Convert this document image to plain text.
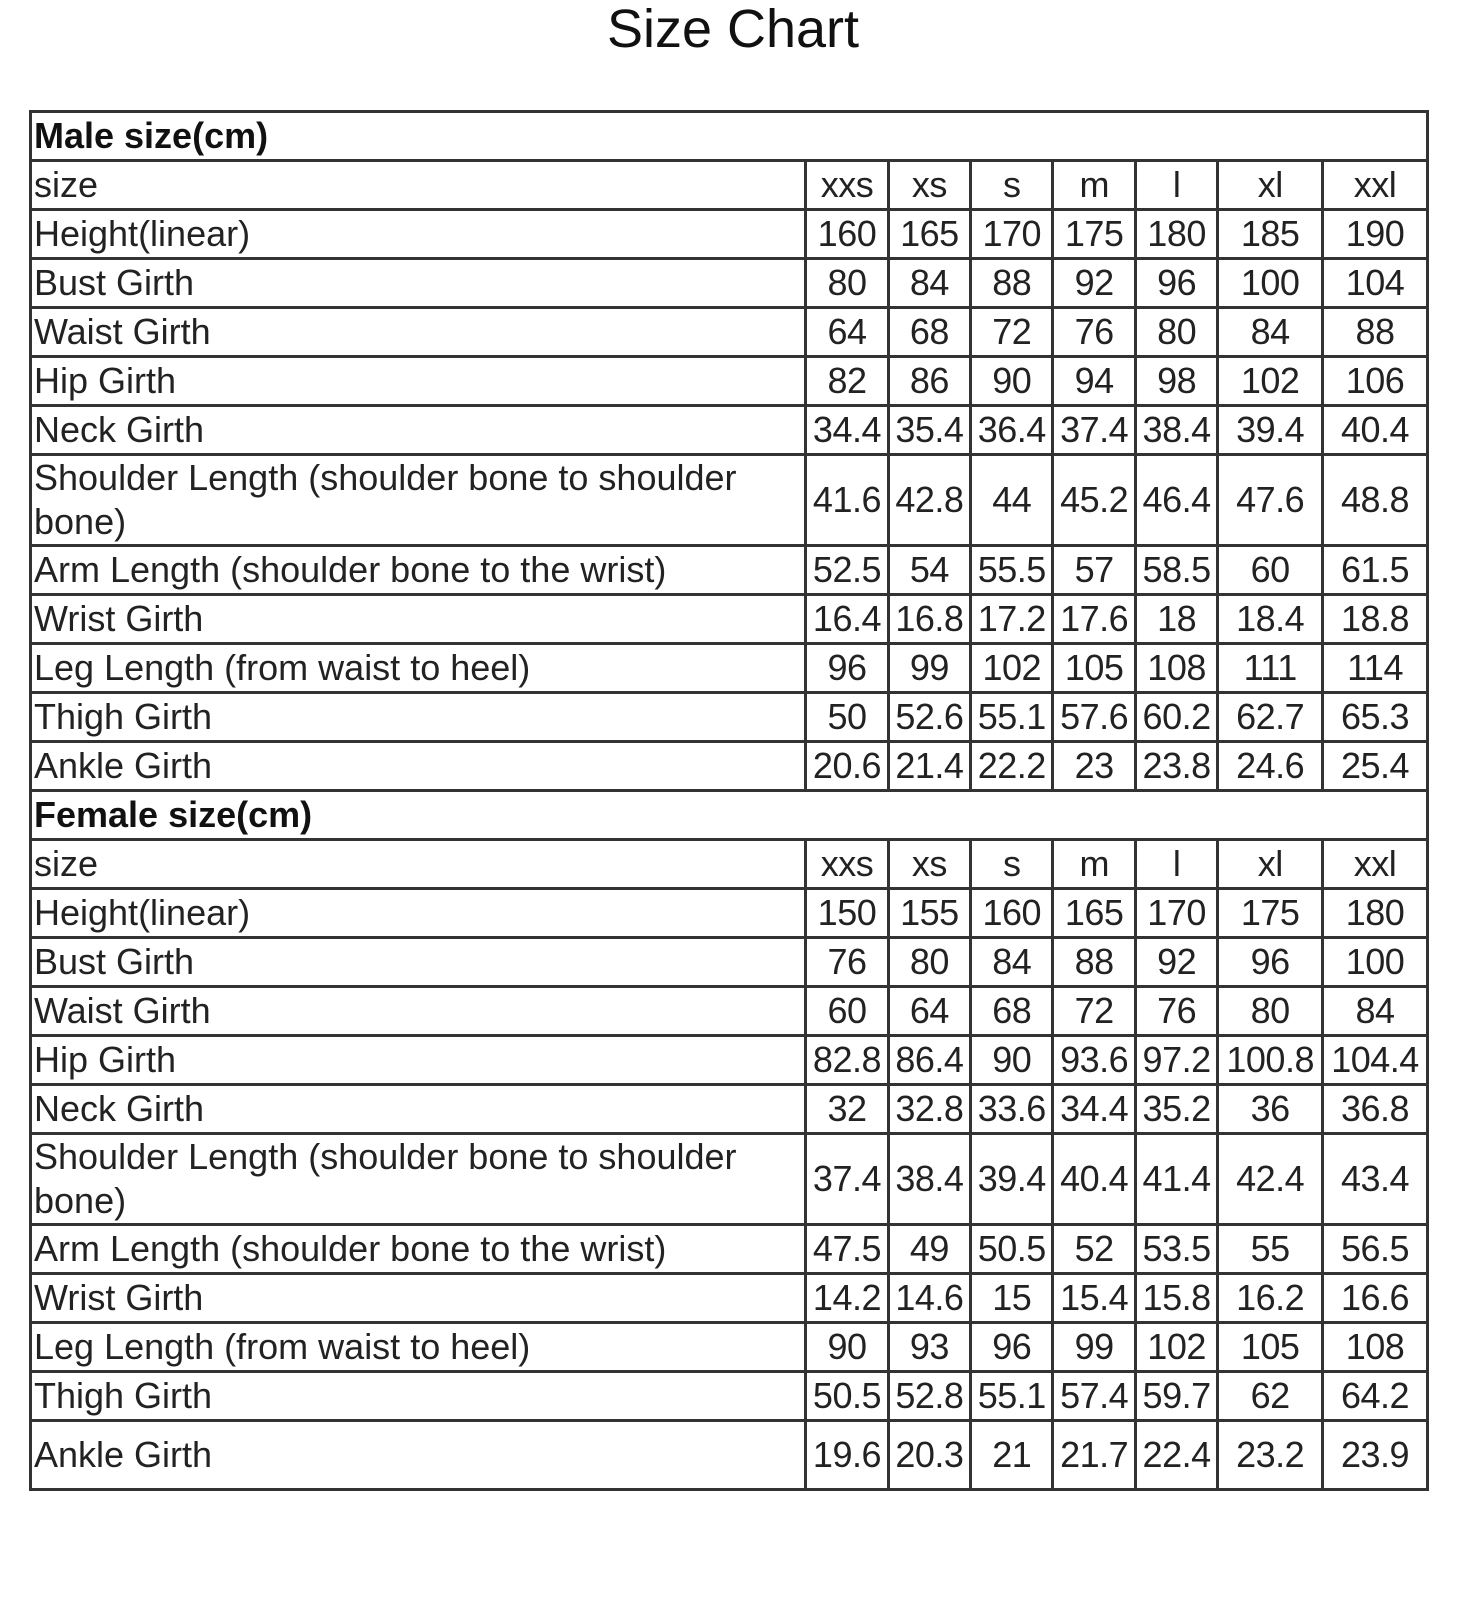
Size Chart
Male size(cm)							
size	xxs	xs	s	m	l	xl	xxl
Height(linear)	160	165	170	175	180	185	190
Bust Girth	80	84	88	92	96	100	104
Waist Girth	64	68	72	76	80	84	88
Hip Girth	82	86	90	94	98	102	106
Neck Girth	34.4	35.4	36.4	37.4	38.4	39.4	40.4
Shoulder Length (shoulder bone to shoulder bone)	41.6	42.8	44	45.2	46.4	47.6	48.8
Arm Length (shoulder bone to the wrist)	52.5	54	55.5	57	58.5	60	61.5
Wrist Girth	16.4	16.8	17.2	17.6	18	18.4	18.8
Leg Length (from waist to heel)	96	99	102	105	108	111	114
Thigh Girth	50	52.6	55.1	57.6	60.2	62.7	65.3
Ankle Girth	20.6	21.4	22.2	23	23.8	24.6	25.4
Female size(cm)							
size	xxs	xs	s	m	l	xl	xxl
Height(linear)	150	155	160	165	170	175	180
Bust Girth	76	80	84	88	92	96	100
Waist Girth	60	64	68	72	76	80	84
Hip Girth	82.8	86.4	90	93.6	97.2	100.8	104.4
Neck Girth	32	32.8	33.6	34.4	35.2	36	36.8
Shoulder Length (shoulder bone to shoulder bone)	37.4	38.4	39.4	40.4	41.4	42.4	43.4
Arm Length (shoulder bone to the wrist)	47.5	49	50.5	52	53.5	55	56.5
Wrist Girth	14.2	14.6	15	15.4	15.8	16.2	16.6
Leg Length (from waist to heel)	90	93	96	99	102	105	108
Thigh Girth	50.5	52.8	55.1	57.4	59.7	62	64.2
Ankle Girth	19.6	20.3	21	21.7	22.4	23.2	23.9
